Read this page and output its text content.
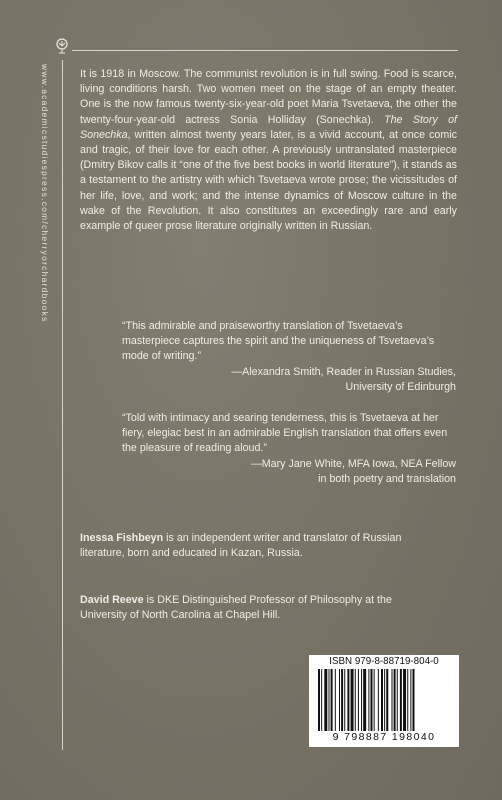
www.academicstudiespress.com/cherryorchardbooks	It is 1918 in Moscow. The communist revolution is in full swing. Food is scarce, living conditions harsh. Two women meet on the stage of an empty theater. One is the now famous twenty-six-year-old poet Maria Tsvetaeva, the other the twenty-four-year-old actress Sonia Holliday (Sonechka). The Story of Sonechka, written almost twenty years later, is a vivid account, at once comic and tragic, of their love for each other. A previously untranslated masterpiece (Dmitry Bikov calls it “one of the five best books in world literature”), it stands as a testament to the artistry with which Tsvetaeva wrote prose; the vicissitudes of her life, love, and work; and the intense dynamics of Moscow culture in the wake of the Revolution. It also constitutes an exceedingly rare and early example of queer prose literature originally written in Russian.
“This admirable and praiseworthy translation of Tsvetaeva’s masterpiece captures the spirit and the uniqueness of Tsvetaeva’s mode of writing.”
—Alexandra Smith, Reader in Russian Studies,
University of Edinburgh
“Told with intimacy and searing tenderness, this is Tsvetaeva at her fiery, elegiac best in an admirable English translation that offers even the pleasure of reading aloud.”
—Mary Jane White, MFA Iowa, NEA Fellow
in both poetry and translation
Inessa Fishbeyn is an independent writer and translator of Russian literature, born and educated in Kazan, Russia.
David Reeve is DKE Distinguished Professor of Philosophy at the University of North Carolina at Chapel Hill.
ISBN 979-8-88719-804-0
9 798887 198040
